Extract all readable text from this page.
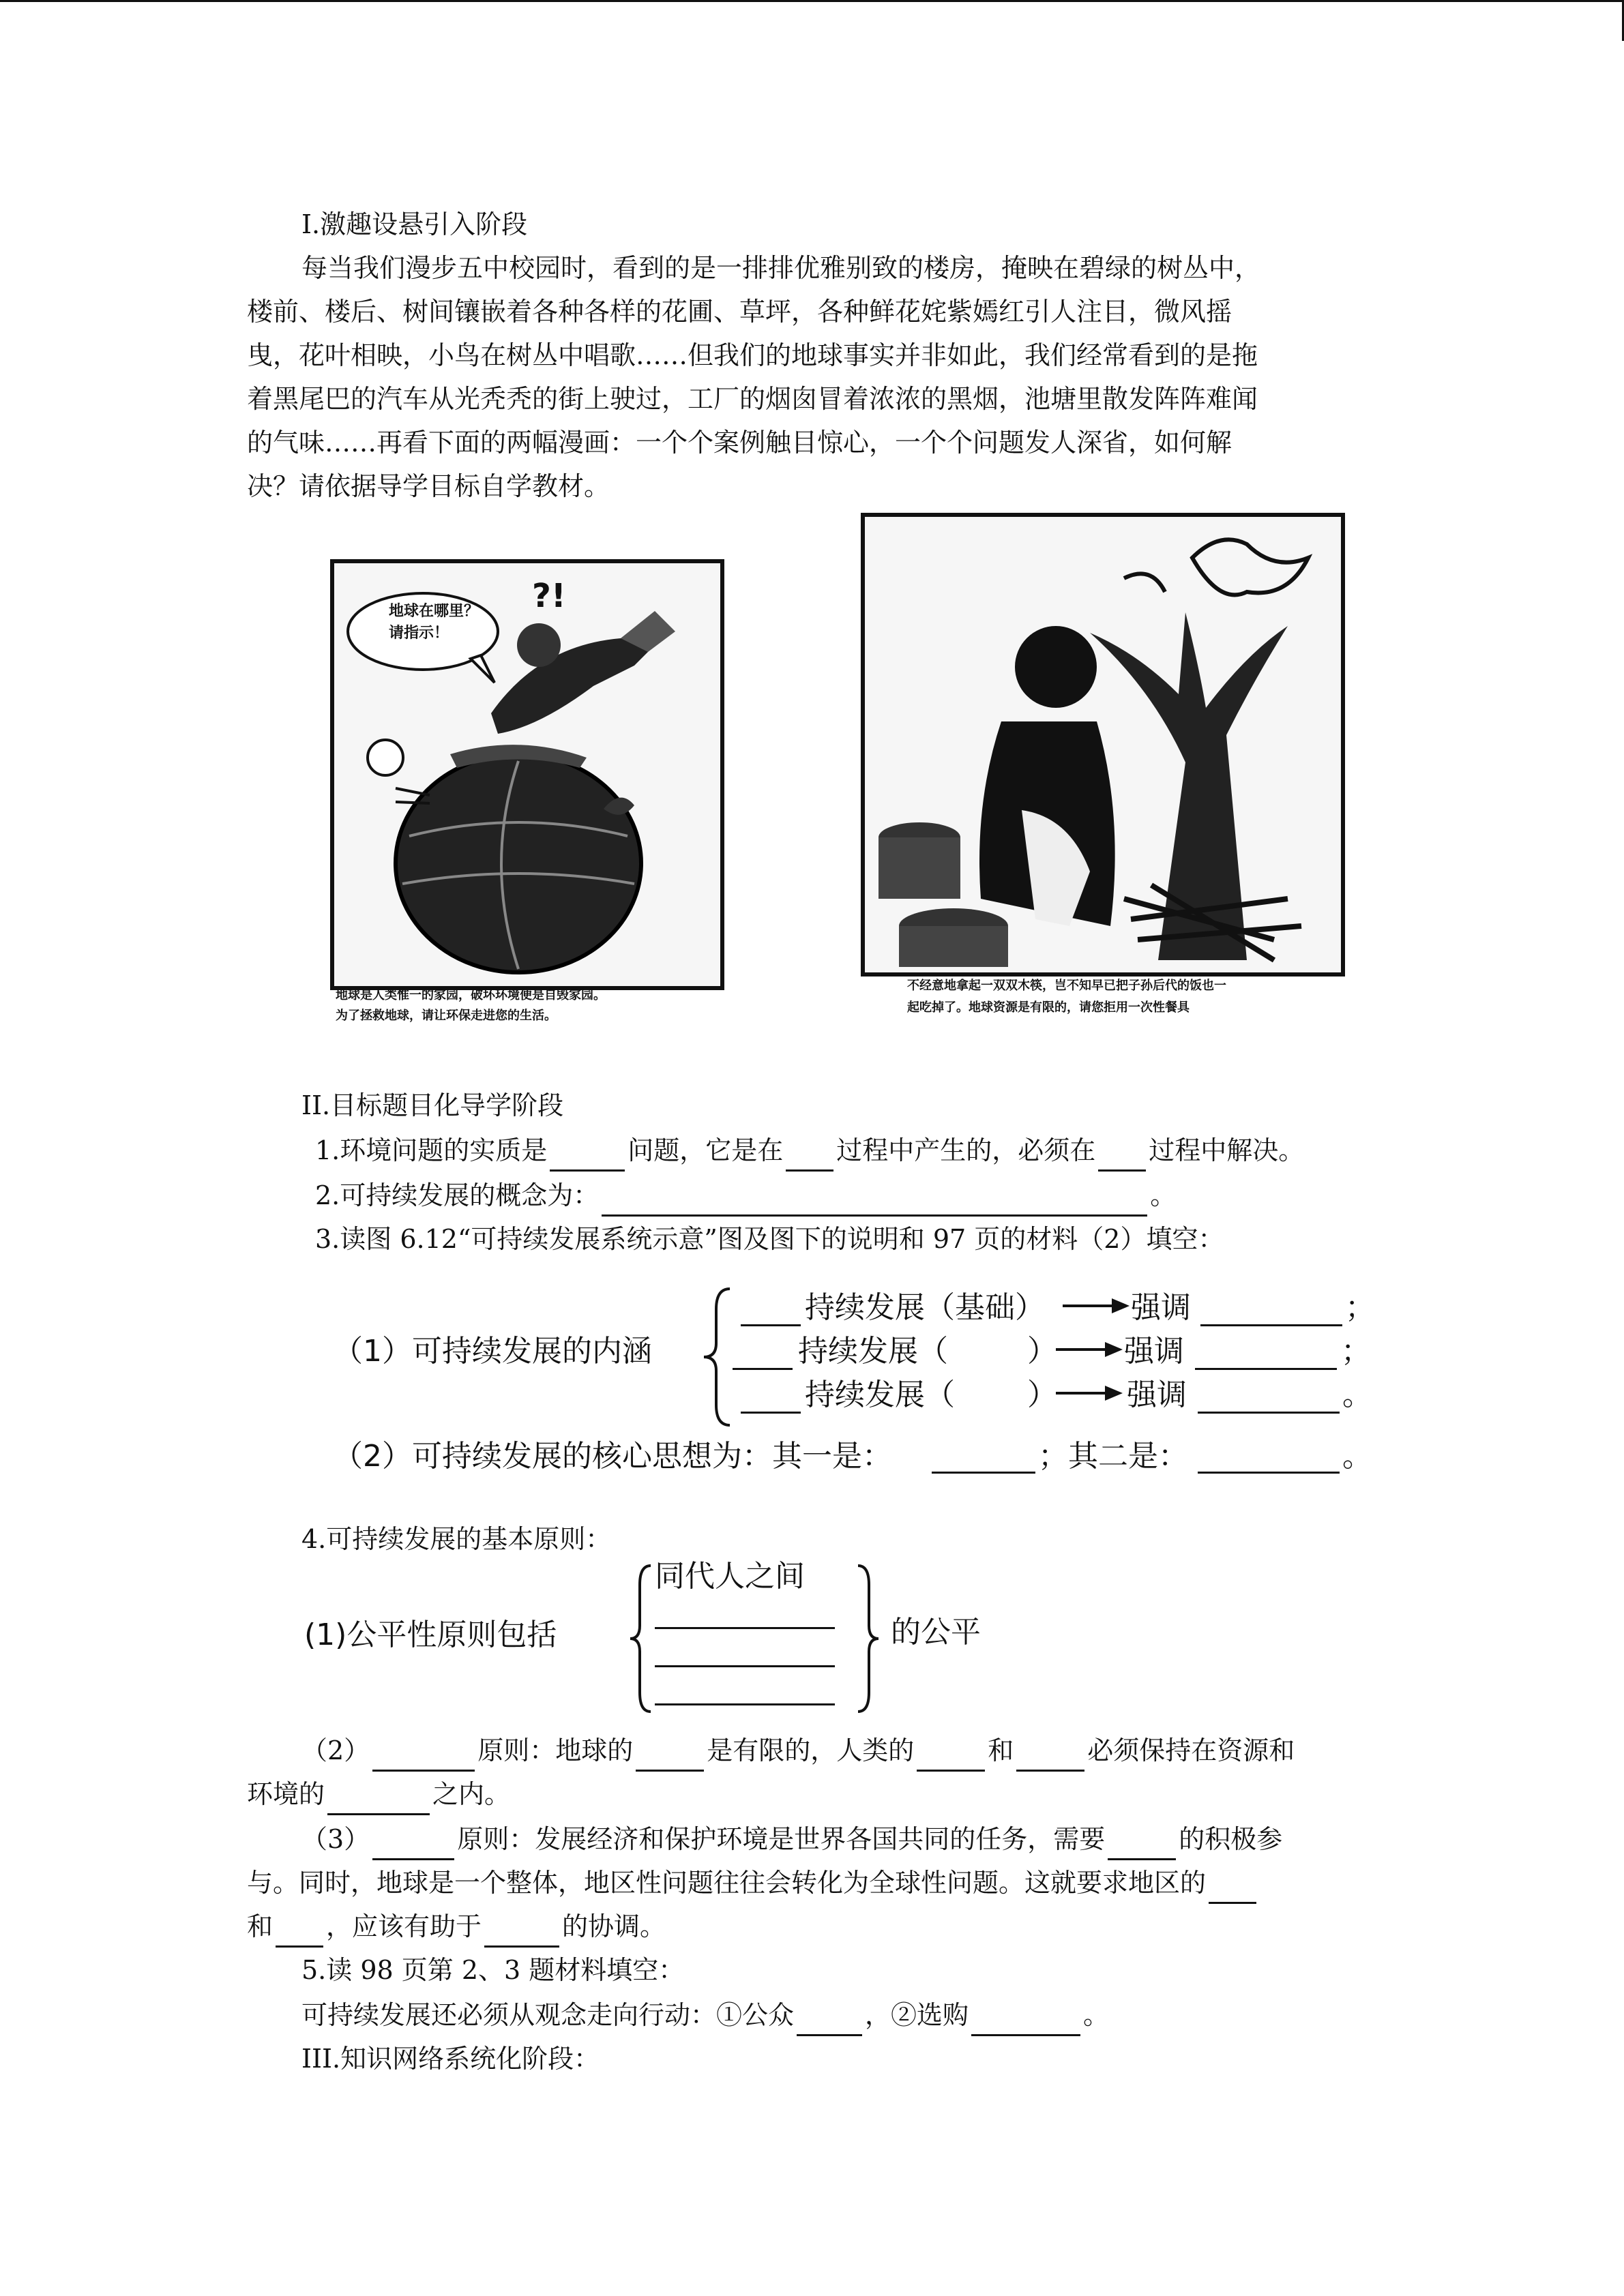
I.激趣设悬引入阶段
每当我们漫步五中校园时，看到的是一排排优雅别致的楼房，掩映在碧绿的树丛中，
楼前、楼后、树间镶嵌着各种各样的花圃、草坪，各种鲜花姹紫嫣红引人注目，微风摇
曳，花叶相映，小鸟在树丛中唱歌……但我们的地球事实并非如此，我们经常看到的是拖
着黑尾巴的汽车从光秃秃的街上驶过，工厂的烟囱冒着浓浓的黑烟，池塘里散发阵阵难闻
的气味……再看下面的两幅漫画：一个个案例触目惊心，一个个问题发人深省，如何解
决？请依据导学目标自学教材。
地球在哪里？
请指示！
?!
地球是人类惟一的家园，破坏环境便是自毁家园。
为了拯救地球，请让环保走进您的生活。
不经意地拿起一双双木筷，岂不知早已把子孙后代的饭也一
起吃掉了。地球资源是有限的，请您拒用一次性餐具
II.目标题目化导学阶段
1.环境问题的实质是	问题，它是在 过程中产生的，必须在 过程中解决。
2.可持续发展的概念为：	。
3.读图 6.12“可持续发展系统示意”图及图下的说明和 97 页的材料（2）填空：
（1）可持续发展的内涵
持续发展（基础）	强调	；
持续发展（	） 强调	；
持续发展（ ） 强调	。
（2）可持续发展的核心思想为：其一是：	；其二是：	。
4.可持续发展的基本原则：
(1)公平性原则包括
同代人之间
的公平
（2）	原则：地球的	是有限的，人类的	和	必须保持在资源和
环境的	之内。
（3）	原则：发展经济和保护环境是世界各国共同的任务，需要	的积极参
与。同时，地球是一个整体，地区性问题往往会转化为全球性问题。这就要求地区的
和 ，应该有助于	的协调。
5.读 98 页第 2、3 题材料填空：
可持续发展还必须从观念走向行动：①公众	，②选购	。
III.知识网络系统化阶段：
